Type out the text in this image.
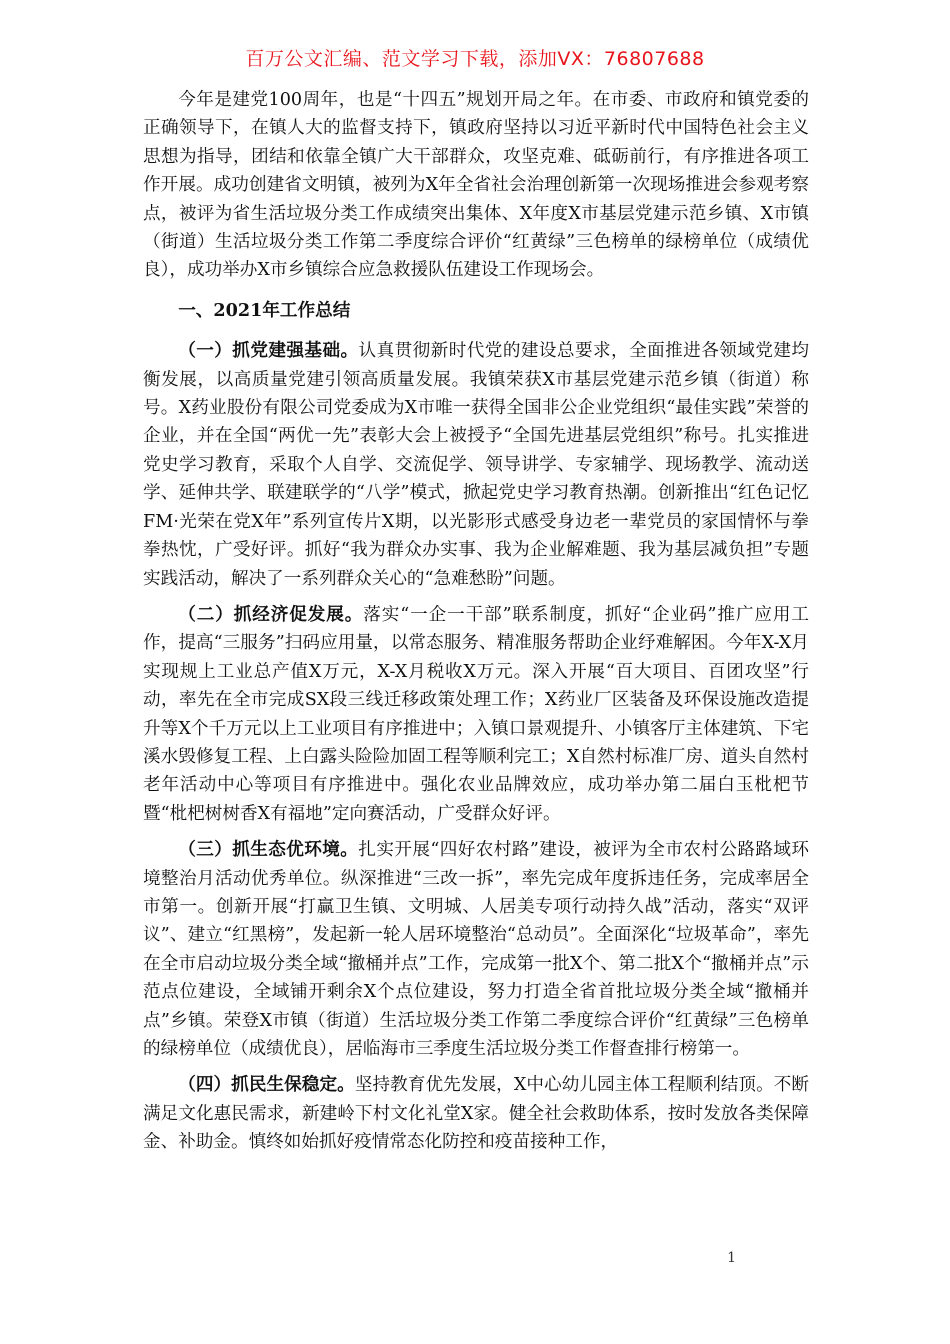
百万公文汇编、范文学习下载，添加VX：76807688

今年是建党100周年，也是“十四五”规划开局之年。在市委、市政府和镇党委的正确领导下，在镇人大的监督支持下，镇政府坚持以习近平新时代中国特色社会主义思想为指导，团结和依靠全镇广大干部群众，攻坚克难、砥砺前行，有序推进各项工作开展。成功创建省文明镇，被列为X年全省社会治理创新第一次现场推进会参观考察点，被评为省生活垃圾分类工作成绩突出集体、X年度X市基层党建示范乡镇、X市镇（街道）生活垃圾分类工作第二季度综合评价“红黄绿”三色榜单的绿榜单位（成绩优良），成功举办X市乡镇综合应急救援队伍建设工作现场会。

一、2021年工作总结

（一）抓党建强基础。认真贯彻新时代党的建设总要求，全面推进各领域党建均衡发展，以高质量党建引领高质量发展。我镇荣获X市基层党建示范乡镇（街道）称号。X药业股份有限公司党委成为X市唯一获得全国非公企业党组织“最佳实践”荣誉的企业，并在全国“两优一先”表彰大会上被授予“全国先进基层党组织”称号。扎实推进党史学习教育，采取个人自学、交流促学、领导讲学、专家辅学、现场教学、流动送学、延伸共学、联建联学的“八学”模式，掀起党史学习教育热潮。创新推出“红色记忆FM·光荣在党X年”系列宣传片X期，以光影形式感受身边老一辈党员的家国情怀与拳拳热忱，广受好评。抓好“我为群众办实事、我为企业解难题、我为基层减负担”专题实践活动，解决了一系列群众关心的“急难愁盼”问题。

（二）抓经济促发展。落实“一企一干部”联系制度，抓好“企业码”推广应用工作，提高“三服务”扫码应用量，以常态服务、精准服务帮助企业纾难解困。今年X-X月实现规上工业总产值X万元，X-X月税收X万元。深入开展“百大项目、百团攻坚”行动，率先在全市完成SX段三线迁移政策处理工作；X药业厂区装备及环保设施改造提升等X个千万元以上工业项目有序推进中；入镇口景观提升、小镇客厅主体建筑、下宅溪水毁修复工程、上白露头险险加固工程等顺利完工；X自然村标准厂房、道头自然村老年活动中心等项目有序推进中。强化农业品牌效应，成功举办第二届白玉枇杷节暨“枇杷树树香X有福地”定向赛活动，广受群众好评。

（三）抓生态优环境。扎实开展“四好农村路”建设，被评为全市农村公路路域环境整治月活动优秀单位。纵深推进“三改一拆”，率先完成年度拆违任务，完成率居全市第一。创新开展“打赢卫生镇、文明城、人居美专项行动持久战”活动，落实“双评议”、建立“红黑榜”，发起新一轮人居环境整治“总动员”。全面深化“垃圾革命”，率先在全市启动垃圾分类全域“撤桶并点”工作，完成第一批X个、第二批X个“撤桶并点”示范点位建设，全域铺开剩余X个点位建设，努力打造全省首批垃圾分类全域“撤桶并点”乡镇。荣登X市镇（街道）生活垃圾分类工作第二季度综合评价“红黄绿”三色榜单的绿榜单位（成绩优良），居临海市三季度生活垃圾分类工作督查排行榜第一。

（四）抓民生保稳定。坚持教育优先发展，X中心幼儿园主体工程顺利结顶。不断满足文化惠民需求，新建岭下村文化礼堂X家。健全社会救助体系，按时发放各类保障金、补助金。慎终如始抓好疫情常态化防控和疫苗接种工作，

1
